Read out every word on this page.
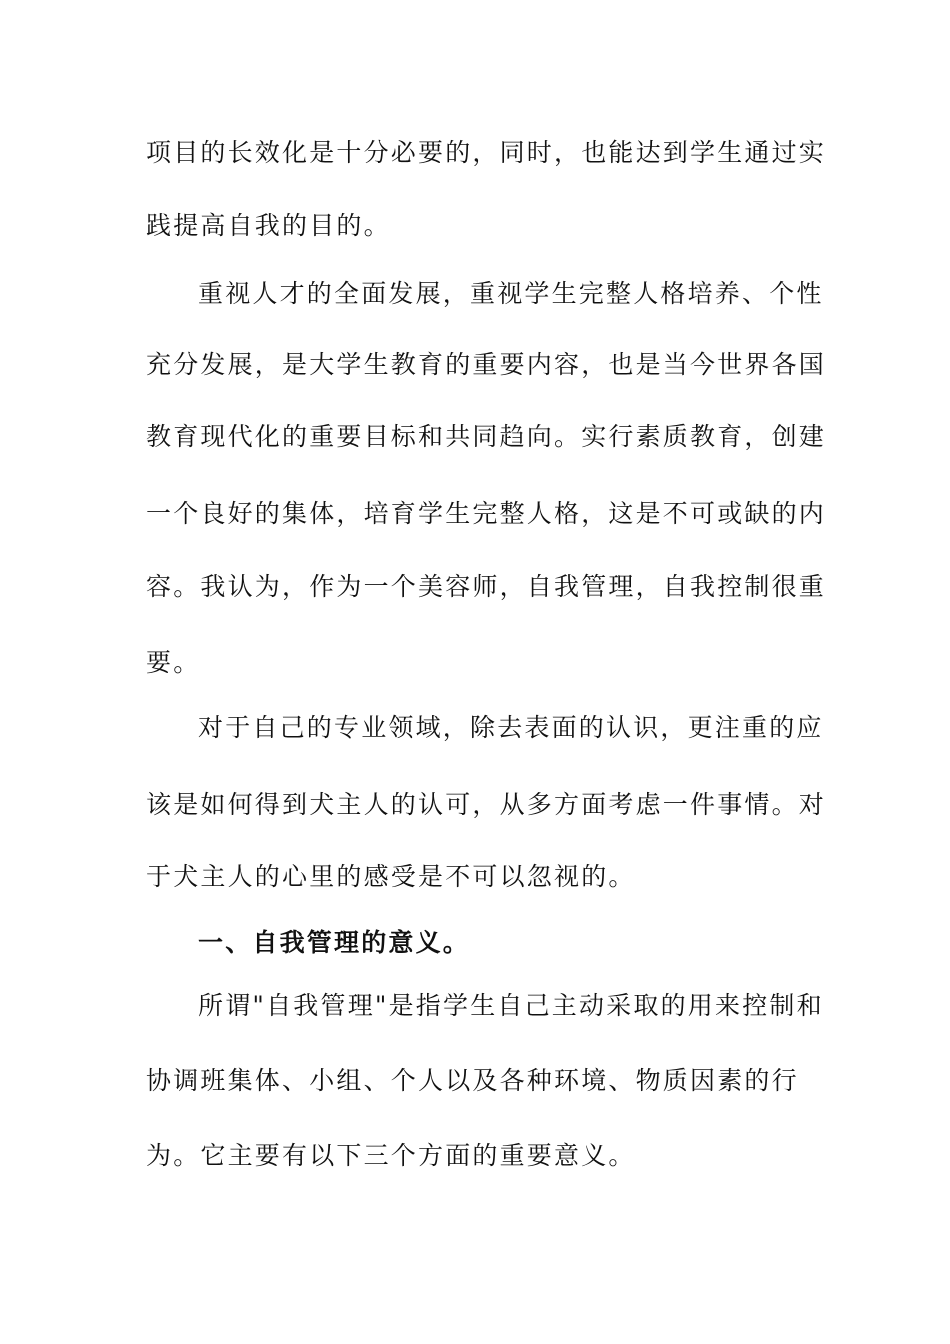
项目的长效化是十分必要的，同时，也能达到学生通过实
践提高自我的目的。
重视人才的全面发展，重视学生完整人格培养、个性
充分发展，是大学生教育的重要内容，也是当今世界各国
教育现代化的重要目标和共同趋向。实行素质教育，创建
一个良好的集体，培育学生完整人格，这是不可或缺的内
容。我认为，作为一个美容师，自我管理，自我控制很重
要。
对于自己的专业领域，除去表面的认识，更注重的应
该是如何得到犬主人的认可，从多方面考虑一件事情。对
于犬主人的心里的感受是不可以忽视的。
一、自我管理的意义。
所谓"自我管理"是指学生自己主动采取的用来控制和
协调班集体、小组、个人以及各种环境、物质因素的行
为。它主要有以下三个方面的重要意义。
